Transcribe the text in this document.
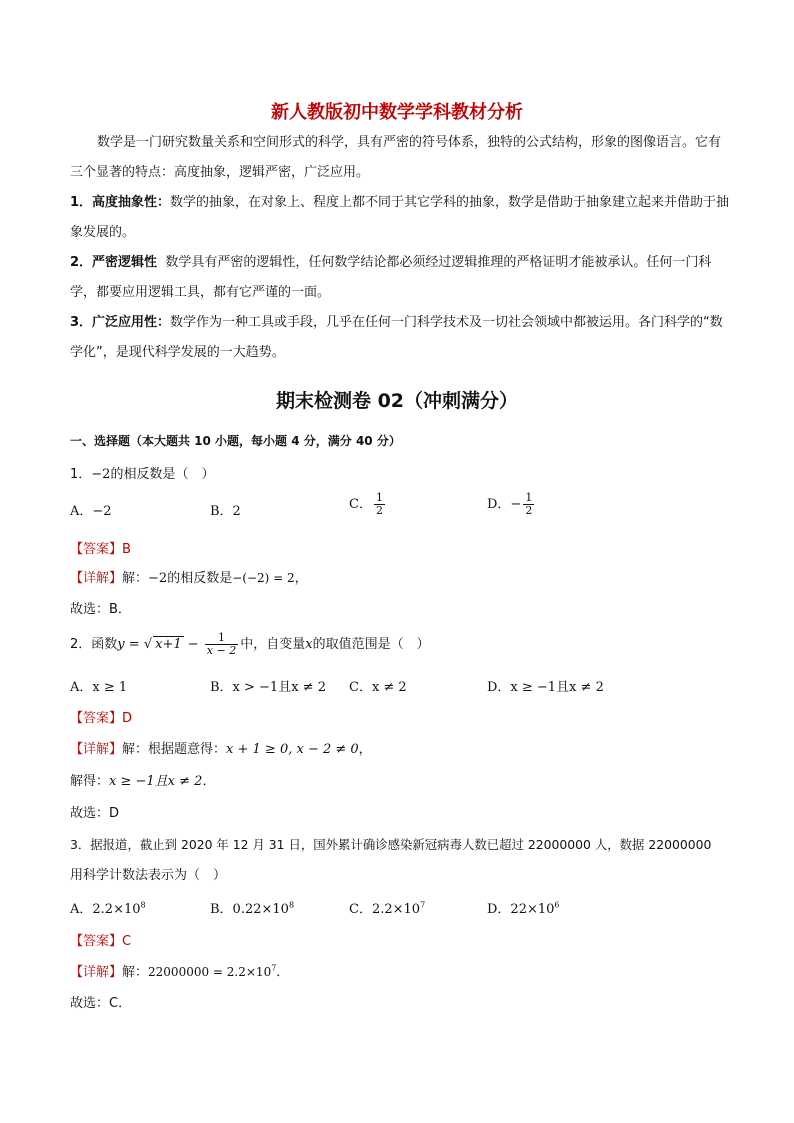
新人教版初中数学学科教材分析
数学是一门研究数量关系和空间形式的科学，具有严密的符号体系，独特的公式结构，形象的图像语言。它有三个显著的特点：高度抽象，逻辑严密，广泛应用。
1．高度抽象性：数学的抽象，在对象上、程度上都不同于其它学科的抽象，数学是借助于抽象建立起来并借助于抽象发展的。
2．严密逻辑性 数学具有严密的逻辑性，任何数学结论都必须经过逻辑推理的严格证明才能被承认。任何一门科学，都要应用逻辑工具，都有它严谨的一面。
3．广泛应用性：数学作为一种工具或手段，几乎在任何一门科学技术及一切社会领域中都被运用。各门科学的“数学化”，是现代科学发展的一大趋势。
期末检测卷 02（冲刺满分）
一、选择题（本大题共 10 小题，每小题 4 分，满分 40 分）
1．−2的相反数是（　）
A．−2	B．2	C． $\frac{1}{2}$	D．− $\frac{1}{2}$
【答案】B
【详解】解：−2的相反数是−(−2) = 2，
故选：B．
2．函数y = √ $x+1 - \frac{1}{x - 2}$ 中，自变量x的取值范围是（　）
A．x ≥ 1	B．x > −1且x ≠ 2 C．x ≠ 2	D．x ≥ −1且x ≠ 2
【答案】D
【详解】解：根据题意得：x + 1 ≥ 0, x − 2 ≠ 0，
解得：x ≥ −1且x ≠ 2．
故选：D
3．据报道，截止到 2020 年 12 月 31 日，国外累计确诊感染新冠病毒人数已超过 22000000 人，数据 22000000
用科学计数法表示为（　）
A．$2.2\times 10^8$	B．$0.22\times 10^8$	C．$2.2\times 10^7$	D．$22\times 10^6$
【答案】C
【详解】解：$22000000 = 2.2\times 10^7$．
故选：C．
